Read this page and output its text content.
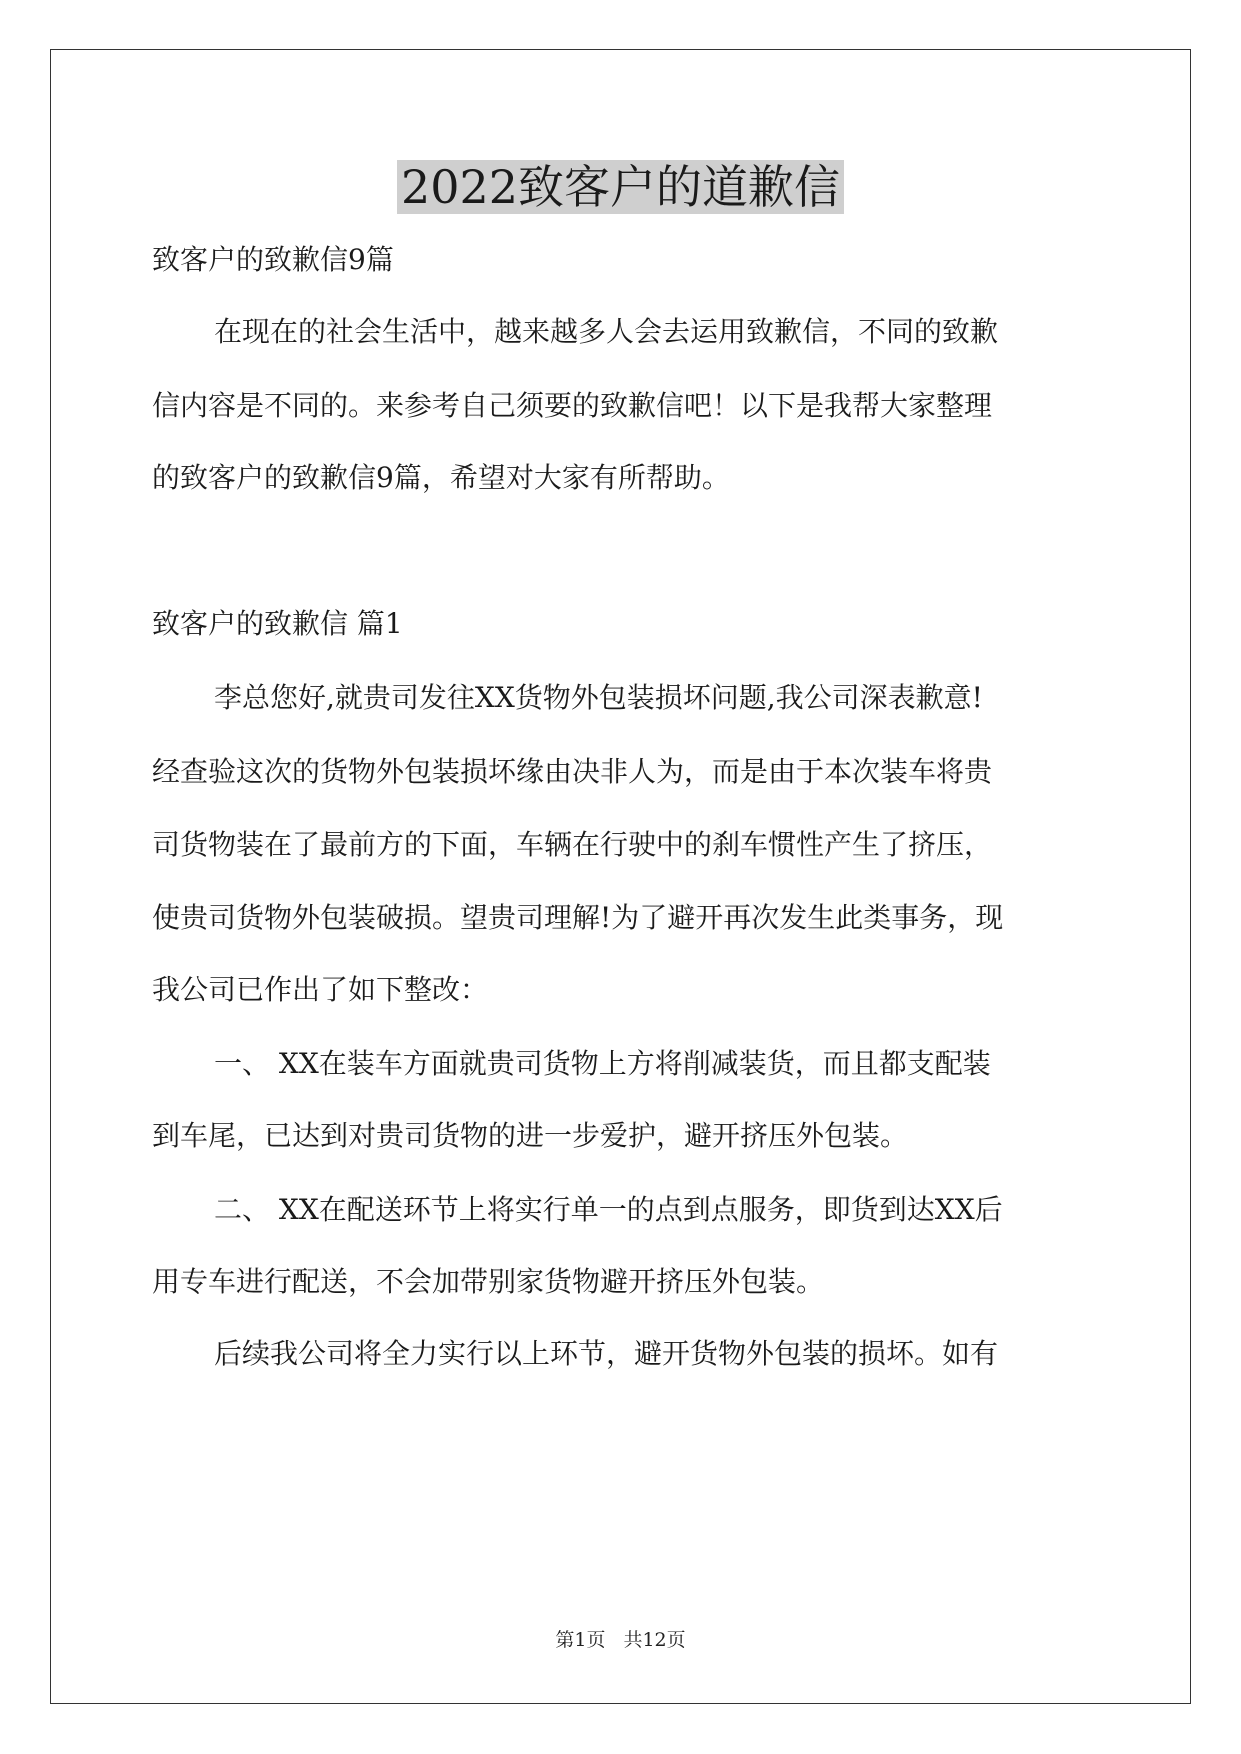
2022致客户的道歉信

致客户的致歉信9篇

在现在的社会生活中，越来越多人会去运用致歉信，不同的致歉

信内容是不同的。来参考自己须要的致歉信吧！以下是我帮大家整理

的致客户的致歉信9篇，希望对大家有所帮助。

致客户的致歉信 篇1

李总您好,就贵司发往XX货物外包装损坏问题,我公司深表歉意!

经查验这次的货物外包装损坏缘由决非人为，而是由于本次装车将贵

司货物装在了最前方的下面，车辆在行驶中的刹车惯性产生了挤压，

使贵司货物外包装破损。望贵司理解!为了避开再次发生此类事务，现

我公司已作出了如下整改：

一、 XX在装车方面就贵司货物上方将削减装货，而且都支配装

到车尾，已达到对贵司货物的进一步爱护，避开挤压外包装。

二、 XX在配送环节上将实行单一的点到点服务，即货到达XX后

用专车进行配送，不会加带别家货物避开挤压外包装。

后续我公司将全力实行以上环节，避开货物外包装的损坏。如有

第1页 共12页
